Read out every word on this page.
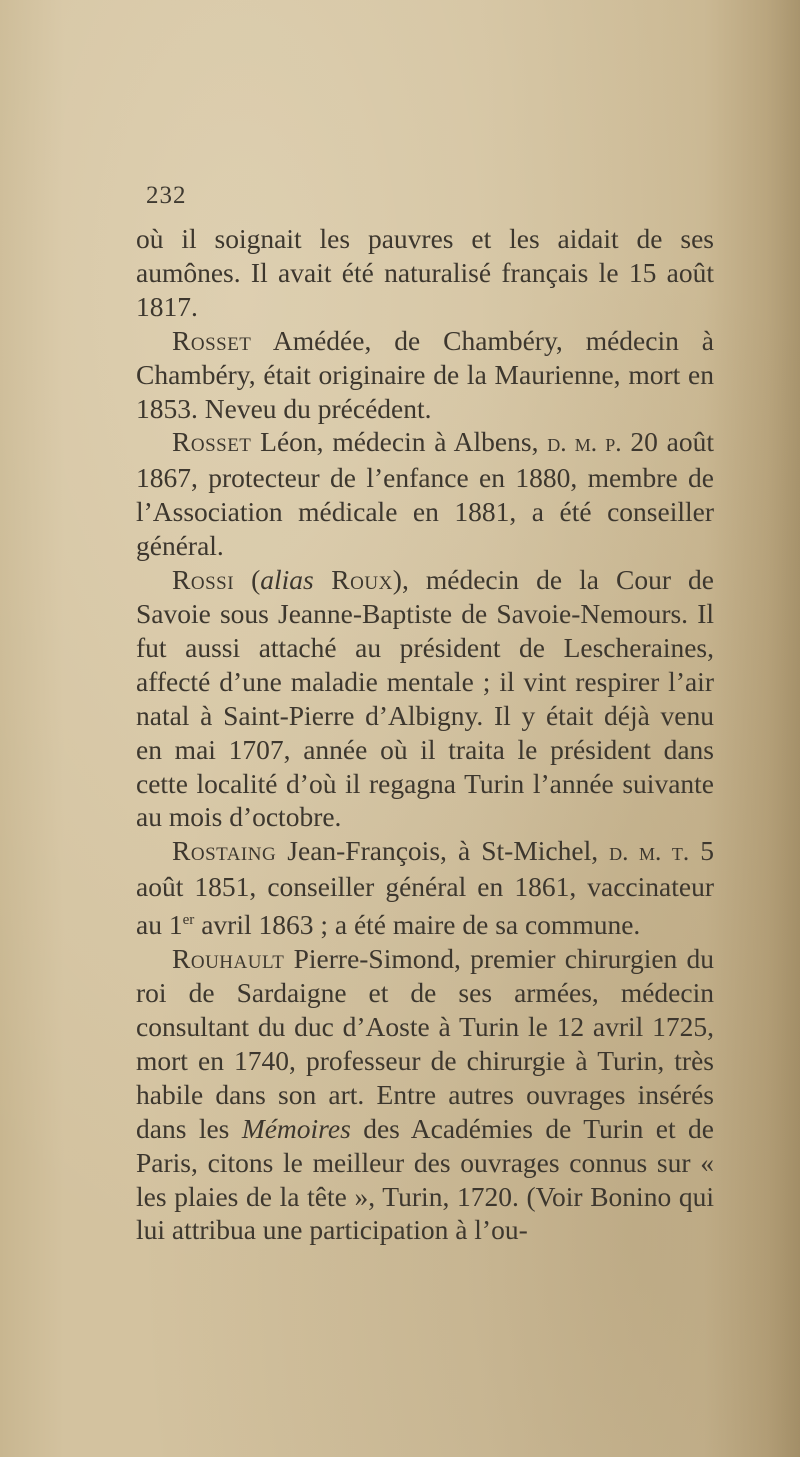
232

où il soignait les pauvres et les aidait de ses aumônes. Il avait été naturalisé français le 15 août 1817.

Rosset Amédée, de Chambéry, médecin à Chambéry, était originaire de la Maurienne, mort en 1853. Neveu du précédent.

Rosset Léon, médecin à Albens, d. m. p. 20 août 1867, protecteur de l’enfance en 1880, membre de l’Association médicale en 1881, a été conseiller général.

Rossi (alias Roux), médecin de la Cour de Savoie sous Jeanne-Baptiste de Savoie-Nemours. Il fut aussi attaché au président de Lescheraines, affecté d’une maladie mentale ; il vint respirer l’air natal à Saint-Pierre d’Albigny. Il y était déjà venu en mai 1707, année où il traita le président dans cette localité d’où il regagna Turin l’année suivante au mois d’octobre.

Rostaing Jean-François, à St-Michel, d. m. t. 5 août 1851, conseiller général en 1861, vaccinateur au 1er avril 1863 ; a été maire de sa commune.

Rouhault Pierre-Simond, premier chirurgien du roi de Sardaigne et de ses armées, médecin consultant du duc d’Aoste à Turin le 12 avril 1725, mort en 1740, professeur de chirurgie à Turin, très habile dans son art. Entre autres ouvrages insérés dans les Mémoires des Académies de Turin et de Paris, citons le meilleur des ouvrages connus sur « les plaies de la tête », Turin, 1720. (Voir Bonino qui lui attribua une participation à l’ou-
